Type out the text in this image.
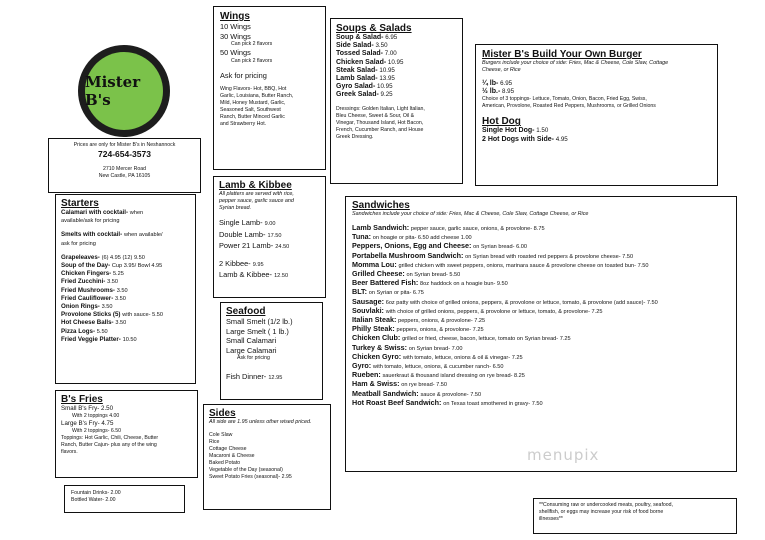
Mister B's
Prices are only for Mister B's in Neshannock
724-654-3573
2710 Mercer Road
New Castle, PA 16105
Wings
10 Wings
30 Wings
Can pick 2 flavors
50 Wings
Can pick 2 flavors
Ask for pricing
Wing Flavors- Hot, BBQ, Hot
Garlic, Louisiana, Butter Ranch,
Mild, Honey Mustard, Garlic,
Seasoned Salt, Southwest
Ranch, Butter Minced Garlic
and Strawberry Hot.
Lamb & Kibbee
All platters are served with rice,
pepper sauce, garlic sauce and
Syrian bread.
Single Lamb- 9.00
Double Lamb- 17.50
Power 21 Lamb- 24.50
2 Kibbee- 9.95
Lamb & Kibbee- 12.50
Seafood
Small Smelt (1/2 lb.)
Large Smelt ( 1 lb.)
Small Calamari
Large Calamari
Ask for pricing
Fish Dinner- 12.95
Soups & Salads
Soup & Salad- 6.95
Side Salad- 3.50
Tossed Salad- 7.00
Chicken Salad- 10.95
Steak Salad- 10.95
Lamb Salad- 13.95
Gyro Salad- 10.95
Greek Salad- 9.25
Dressings: Golden Italian, Light Italian,
Bleu Cheese, Sweet & Sour, Oil &
Vinegar, Thousand Island, Hot Bacon,
French, Cucumber Ranch, and House
Greek Dressing.
Mister B's Build Your Own Burger
Burgers include your choice of side: Fries, Mac & Cheese, Cole Slaw, Cottage
Cheese, or Rice
¼ lb- 6.95
½ lb.- 8.95
Choice of 3 toppings- Lettuce, Tomato, Onion, Bacon, Fried Egg, Swiss,
American, Provolone, Roasted Red Peppers, Mushrooms, or Grilled Onions
Hot Dog
Single Hot Dog- 1.50
2 Hot Dogs with Side- 4.95
Starters
Calamari with cocktail- when
available/ask for pricing
Smelts with cocktail- when available/
ask for pricing
Grapeleaves- (6) 4.95 (12) 9.50
Soup of the Day- Cup 3.95/ Bowl 4.95
Chicken Fingers- 5.25
Fried Zucchini- 3.50
Fried Mushrooms- 3.50
Fried Cauliflower- 3.50
Onion Rings- 3.50
Provolone Sticks (5) with sauce- 5.50
Hot Cheese Balls- 3.50
Pizza Logs- 5.50
Fried Veggie Platter- 10.50
B's Fries
Small B's Fry- 2.50
With 2 toppings 4.00
Large B's Fry- 4.75
With 2 toppings- 6.50
Toppings: Hot Garlic, Chili, Cheese, Butter
Ranch, Butter Cajun- plus any of the wing
flavors.
Fountain Drinks- 2.00
Bottled Water- 2.00
Sides
All side are 1.95 unless other wised priced.
Cole Slaw
Rice
Cottage Cheese
Macaroni & Cheese
Baked Potato
Vegetable of the Day (seasonal)
Sweet Potato Fries (seasonal)- 2.95
Sandwiches
Sandwiches include your choice of side: Fries, Mac & Cheese, Cole Slaw, Cottage Cheese, or Rice
Lamb Sandwich: pepper sauce, garlic sauce, onions, & provolone- 8.75
Tuna: on hoagie or pita- 6.50 add cheese 1.00
Peppers, Onions, Egg and Cheese: on Syrian bread- 6.00
Portabella Mushroom Sandwich: on Syrian bread with roasted red peppers & provolone cheese- 7.50
Momma Lou: grilled chicken with sweet peppers, onions, marinara sauce & provolone cheese on toasted bun- 7.50
Grilled Cheese: on Syrian bread- 5.50
Beer Battered Fish: 8oz haddock on a hoagie bun- 9.50
BLT: on Syrian or pita- 6.75
Sausage: 6oz patty with choice of grilled onions, peppers, & provolone or lettuce, tomato, & provolone (add sauce)- 7.50
Souvlaki: with choice of grilled onions, peppers, & provolone or lettuce, tomato, & provolone- 7.25
Italian Steak: peppers, onions, & provolone- 7.25
Philly Steak: peppers, onions, & provolone- 7.25
Chicken Club: grilled or fried, cheese, bacon, lettuce, tomato on Syrian bread- 7.25
Turkey & Swiss: on Syrian bread- 7.00
Chicken Gyro: with tomato, lettuce, onions & oil & vinegar- 7.25
Gyro: with tomato, lettuce, onions, & cucumber ranch- 6.50
Rueben: sauerkraut & thousand island dressing on rye bread- 8.25
Ham & Swiss: on rye bread- 7.50
Meatball Sandwich: sauce & provolone- 7.50
Hot Roast Beef Sandwich: on Texas toast smothered in gravy- 7.50
menupix
**Consuming raw or undercooked meats, poultry, seafood,
shellfish, or eggs may increase your risk of food borne
illnesses**
